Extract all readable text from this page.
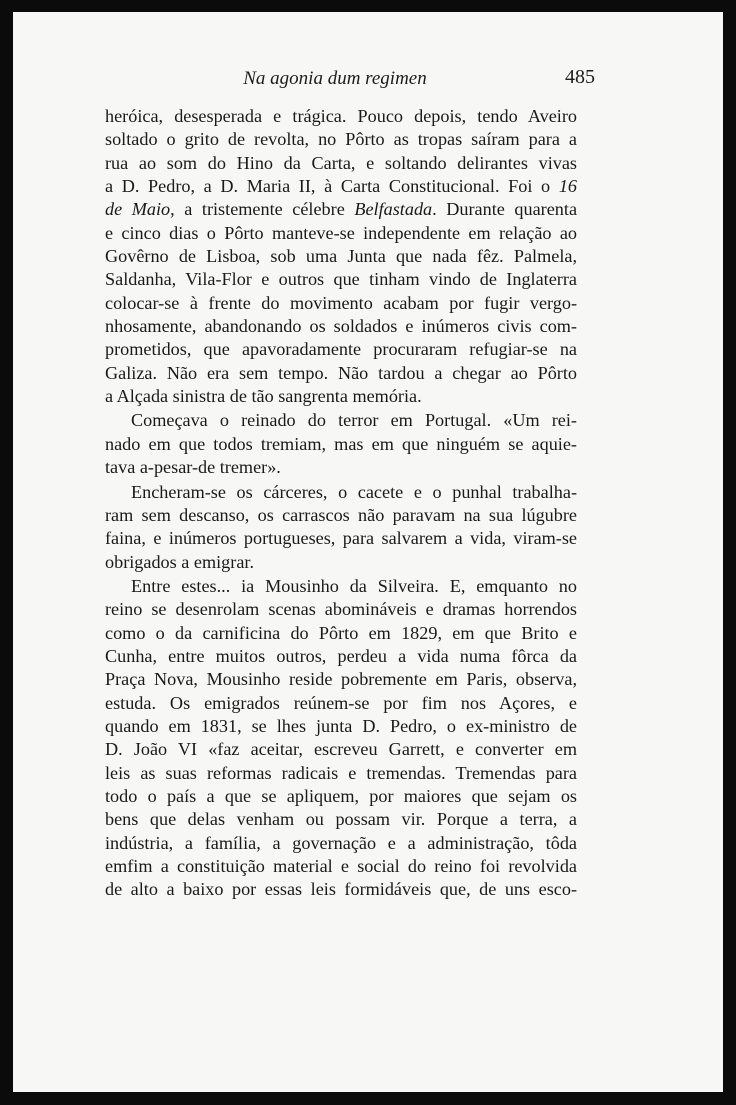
Na agonia dum regimen	485
heróica, desesperada e trágica. Pouco depois, tendo Aveiro
soltado o grito de revolta, no Pôrto as tropas saíram para a
rua ao som do Hino da Carta, e soltando delirantes vivas
a D. Pedro, a D. Maria II, à Carta Constitucional. Foi o 16
de Maio, a tristemente célebre Belfastada. Durante quarenta
e cinco dias o Pôrto manteve-se independente em relação ao
Govêrno de Lisboa, sob uma Junta que nada fêz. Palmela,
Saldanha, Vila-Flor e outros que tinham vindo de Inglaterra
colocar-se à frente do movimento acabam por fugir vergo-
nhosamente, abandonando os soldados e inúmeros civis com-
prometidos, que apavoradamente procuraram refugiar-se na
Galiza. Não era sem tempo. Não tardou a chegar ao Pôrto
a Alçada sinistra de tão sangrenta memória.
Começava o reinado do terror em Portugal. «Um rei-
nado em que todos tremiam, mas em que ninguém se aquie-
tava a-pesar-de tremer».
Encheram-se os cárceres, o cacete e o punhal trabalha-
ram sem descanso, os carrascos não paravam na sua lúgubre
faina, e inúmeros portugueses, para salvarem a vida, viram-se
obrigados a emigrar.
Entre estes... ia Mousinho da Silveira. E, emquanto no
reino se desenrolam scenas abomináveis e dramas horrendos
como o da carnificina do Pôrto em 1829, em que Brito e
Cunha, entre muitos outros, perdeu a vida numa fôrca da
Praça Nova, Mousinho reside pobremente em Paris, observa,
estuda. Os emigrados reúnem-se por fim nos Açores, e
quando em 1831, se lhes junta D. Pedro, o ex-ministro de
D. João VI «faz aceitar, escreveu Garrett, e converter em
leis as suas reformas radicais e tremendas. Tremendas para
todo o país a que se apliquem, por maiores que sejam os
bens que delas venham ou possam vir. Porque a terra, a
indústria, a família, a governação e a administração, tôda
emfim a constituição material e social do reino foi revolvida
de alto a baixo por essas leis formidáveis que, de uns esco-
